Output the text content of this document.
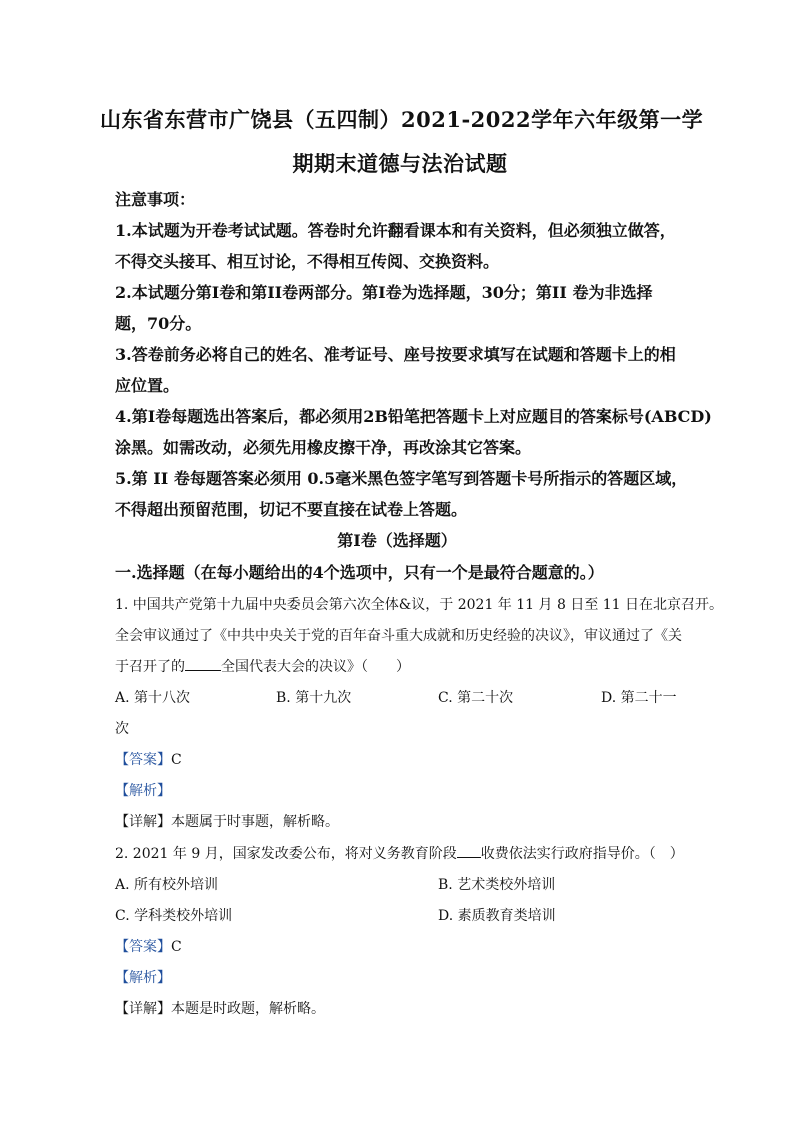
山东省东营市广饶县（五四制）2021-2022学年六年级第一学
期期末道德与法治试题
注意事项：
1.本试题为开卷考试试题。答卷时允许翻看课本和有关资料，但必须独立做答，
不得交头接耳、相互讨论，不得相互传阅、交换资料。
2.本试题分第Ⅰ卷和第II卷两部分。第Ⅰ卷为选择题，30分；第II 卷为非选择
题，70分。
3.答卷前务必将自己的姓名、准考证号、座号按要求填写在试题和答题卡上的相
应位置。
4.第Ⅰ卷每题选出答案后，都必须用2B铅笔把答题卡上对应题目的答案标号(ABCD)
涂黑。如需改动，必须先用橡皮擦干净，再改涂其它答案。
5.第 II 卷每题答案必须用 0.5毫米黑色签字笔写到答题卡号所指示的答题区域，
不得超出预留范围，切记不要直接在试卷上答题。
第Ⅰ卷（选择题）
一.选择题（在每小题给出的4个选项中，只有一个是最符合题意的。）
1. 中国共产党第十九届中央委员会第六次全体&议，于 2021 年 11 月 8 日至 11 日在北京召开。
全会审议通过了《中共中央关于党的百年奋斗重大成就和历史经验的决议》，审议通过了《关
于召开了的	全国代表大会的决议》（　　）
A. 第十八次	B. 第十九次	C. 第二十次	D. 第二十一
次
【答案】C
【解析】
【详解】本题属于时事题，解析略。
2. 2021 年 9 月，国家发改委公布，将对义务教育阶段 收费依法实行政府指导价。（　）
A. 所有校外培训	B. 艺术类校外培训
C. 学科类校外培训	D. 素质教育类培训
【答案】C
【解析】
【详解】本题是时政题，解析略。
